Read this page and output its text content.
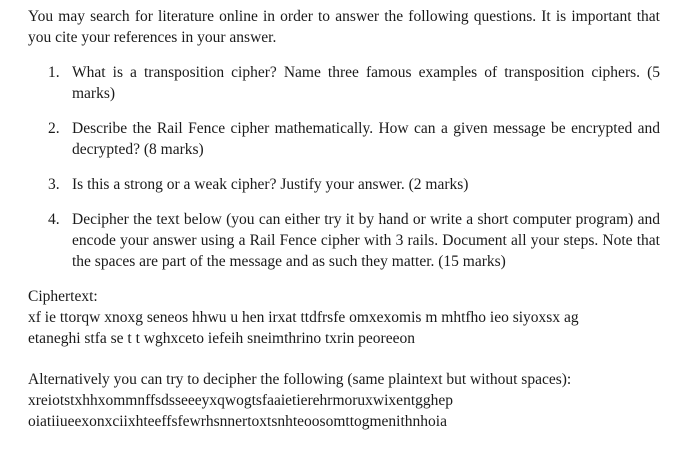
You may search for literature online in order to answer the following questions. It is important that you cite your references in your answer.

1. What is a transposition cipher? Name three famous examples of transposition ciphers. (5 marks)
2. Describe the Rail Fence cipher mathematically. How can a given message be encrypted and decrypted? (8 marks)
3. Is this a strong or a weak cipher? Justify your answer. (2 marks)
4. Decipher the text below (you can either try it by hand or write a short computer program) and encode your answer using a Rail Fence cipher with 3 rails. Document all your steps. Note that the spaces are part of the message and as such they matter. (15 marks)

Ciphertext:

xf ie ttorqw xnoxg seneos hhwu u hen irxat ttdfrsfe omxexomis m mhtfho ieo siyoxsx ag

etaneghi stfa se t t wghxceto iefeih sneimthrino txrin peoreeon

Alternatively you can try to decipher the following (same plaintext but without spaces):

xreiotstxhhxommnffsdsseeeyxqwogtsfaaietierehrmoruxwixentgghep

oiatiiueexonxciixhteeffsfewrhsnnertoxtsnhteoosomttogmenithnhoia
